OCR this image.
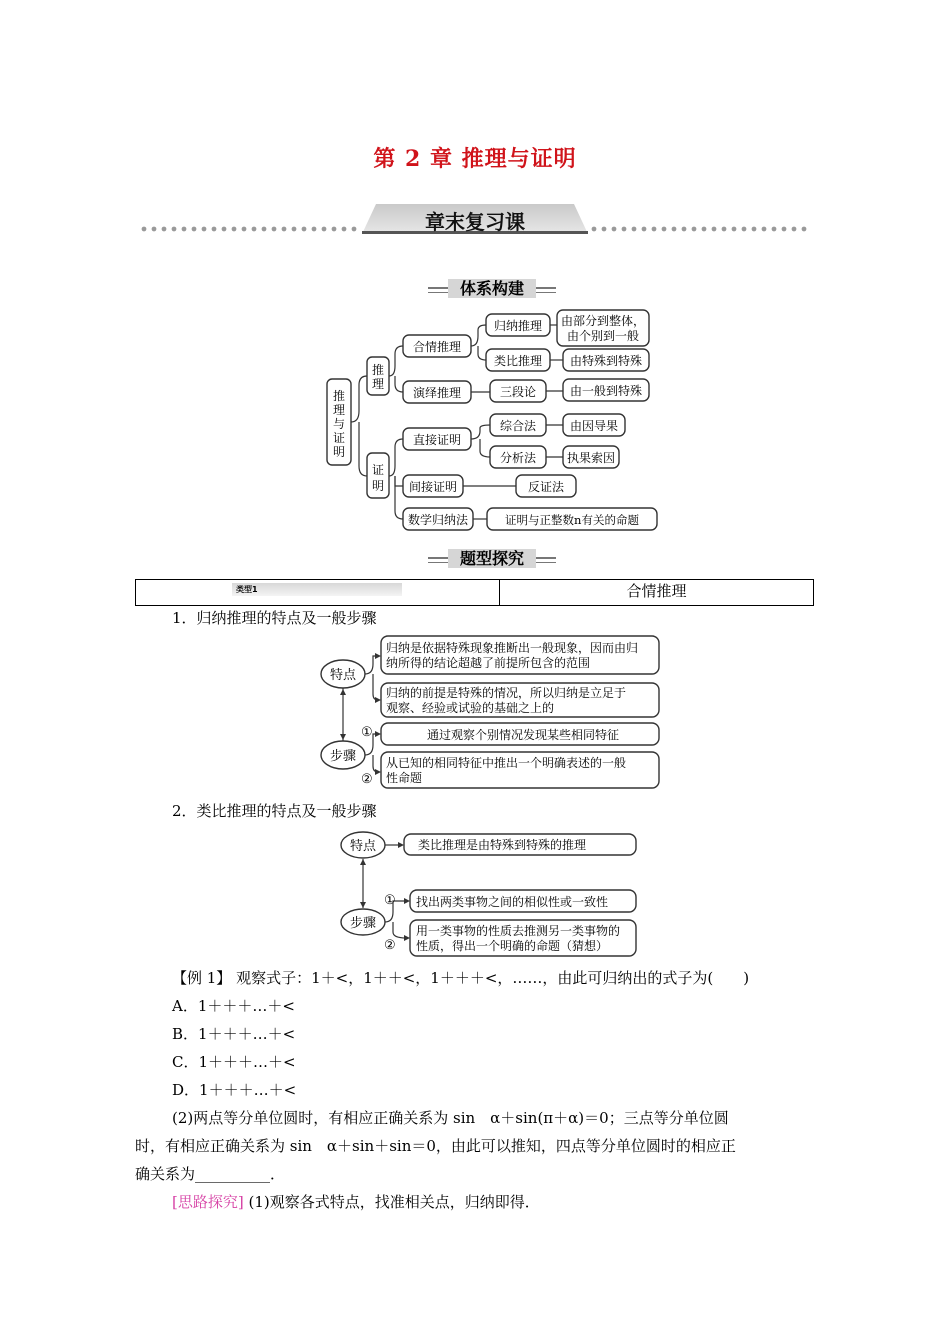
第 2 章 推理与证明
章末复习课
体系构建
推理与证明
推理
证明
合情推理
归纳推理 由部分到整体，
由个别到一般
类比推理 由特殊到特殊
演绎推理	三段论	由一般到特殊
直接证明
综合法	由因导果
分析法	执果索因
间接证明	反证法
数学归纳法	证明与正整数n有关的命题
题型探究
类型1	合情推理
1．归纳推理的特点及一般步骤
特点
步骤
归纳是依据特殊现象推断出一般现象，因而由归
纳所得的结论超越了前提所包含的范围
归纳的前提是特殊的情况，所以归纳是立足于
观察、经验或试验的基础之上的
①	通过观察个别情况发现某些相同特征
②
从已知的相同特征中推出一个明确表述的一般
性命题
2．类比推理的特点及一般步骤
特点
步骤
类比推理是由特殊到特殊的推理
① 找出两类事物之间的相似性或一致性
②
用一类事物的性质去推测另一类事物的
性质，得出一个明确的命题（猜想）
【例 1】 观察式子：1＋<，1＋＋<，1＋＋＋<，……，由此可归纳出的式子为(　　)
A．1＋＋＋…＋<
B．1＋＋＋…＋<
C．1＋＋＋…＋<
D．1＋＋＋…＋<
(2)两点等分单位圆时，有相应正确关系为 sin　α＋sin(π＋α)＝0；三点等分单位圆
时，有相应正确关系为 sin　α＋sin＋sin＝0，由此可以推知，四点等分单位圆时的相应正
确关系为__________．
[思路探究] (1)观察各式特点，找准相关点，归纳即得．
